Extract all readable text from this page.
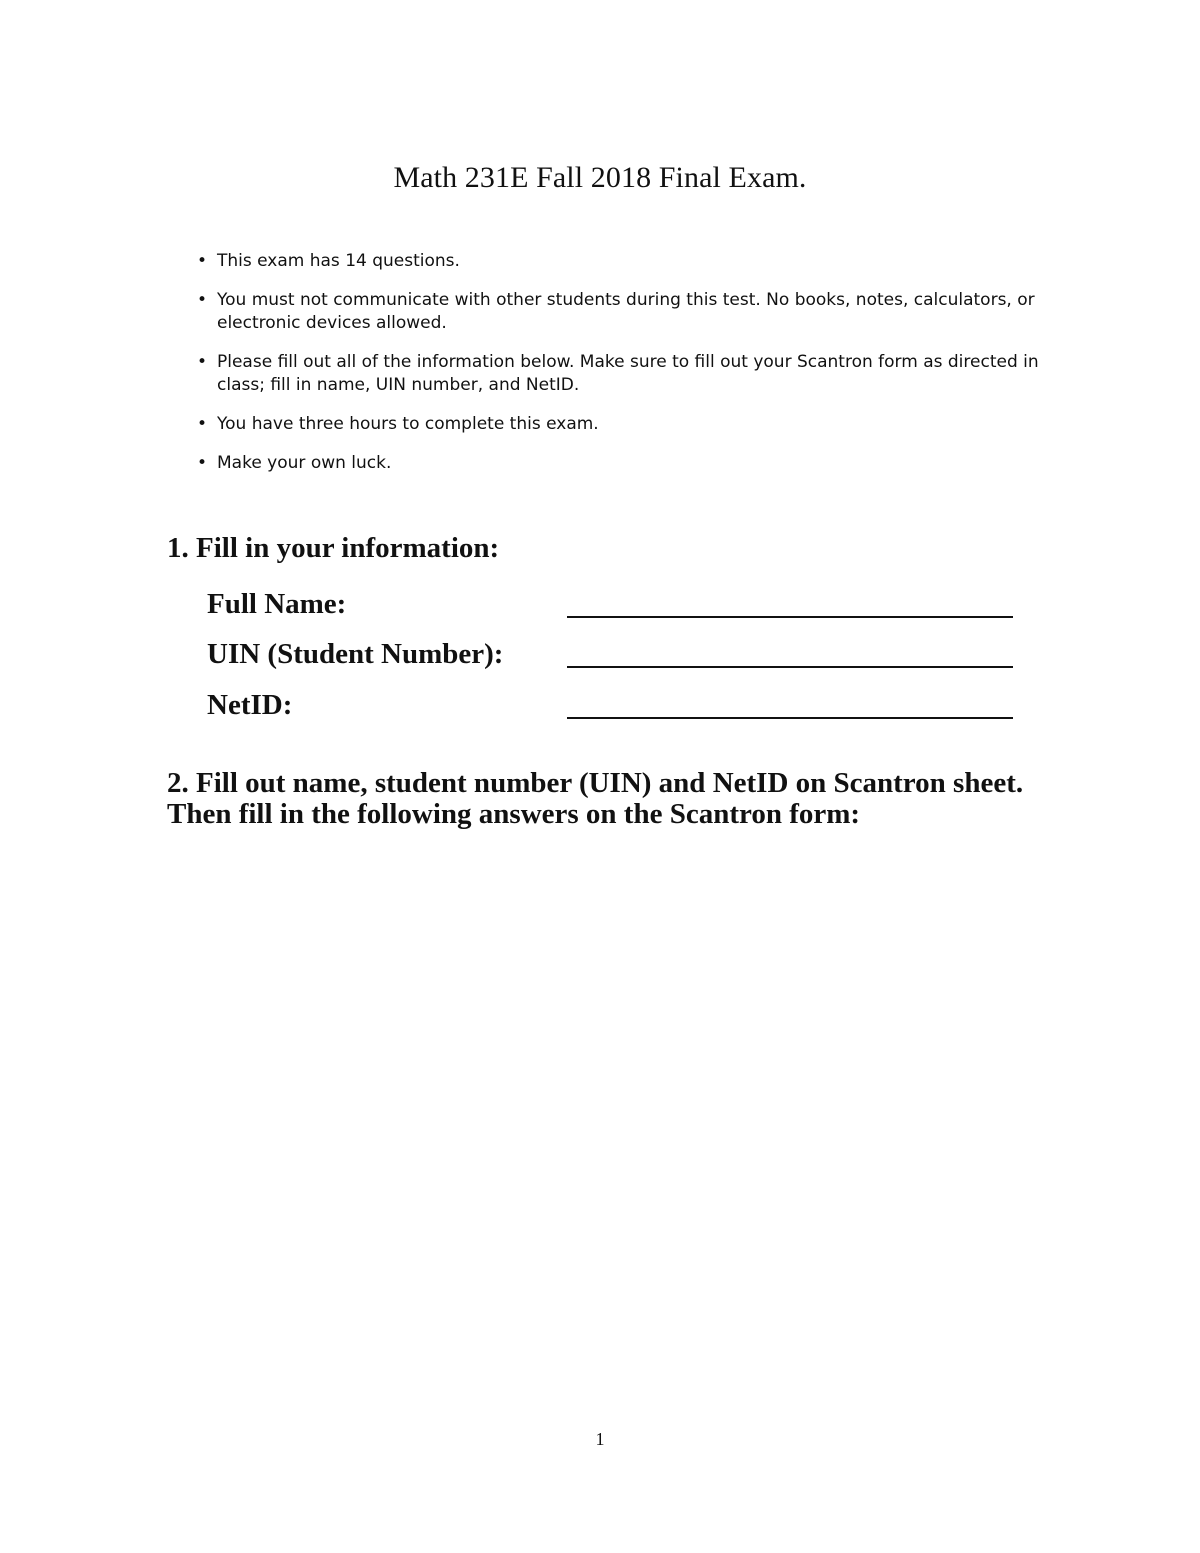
Math 231E Fall 2018 Final Exam.
• This exam has 14 questions.
• You must not communicate with other students during this test. No books, notes, calculators, or electronic devices allowed.
• Please fill out all of the information below. Make sure to fill out your Scantron form as directed in class; fill in name, UIN number, and NetID.
• You have three hours to complete this exam.
• Make your own luck.
1. Fill in your information:
Full Name:
UIN (Student Number):
NetID:
2. Fill out name, student number (UIN) and NetID on Scantron sheet. Then fill in the following answers on the Scantron form:
1
